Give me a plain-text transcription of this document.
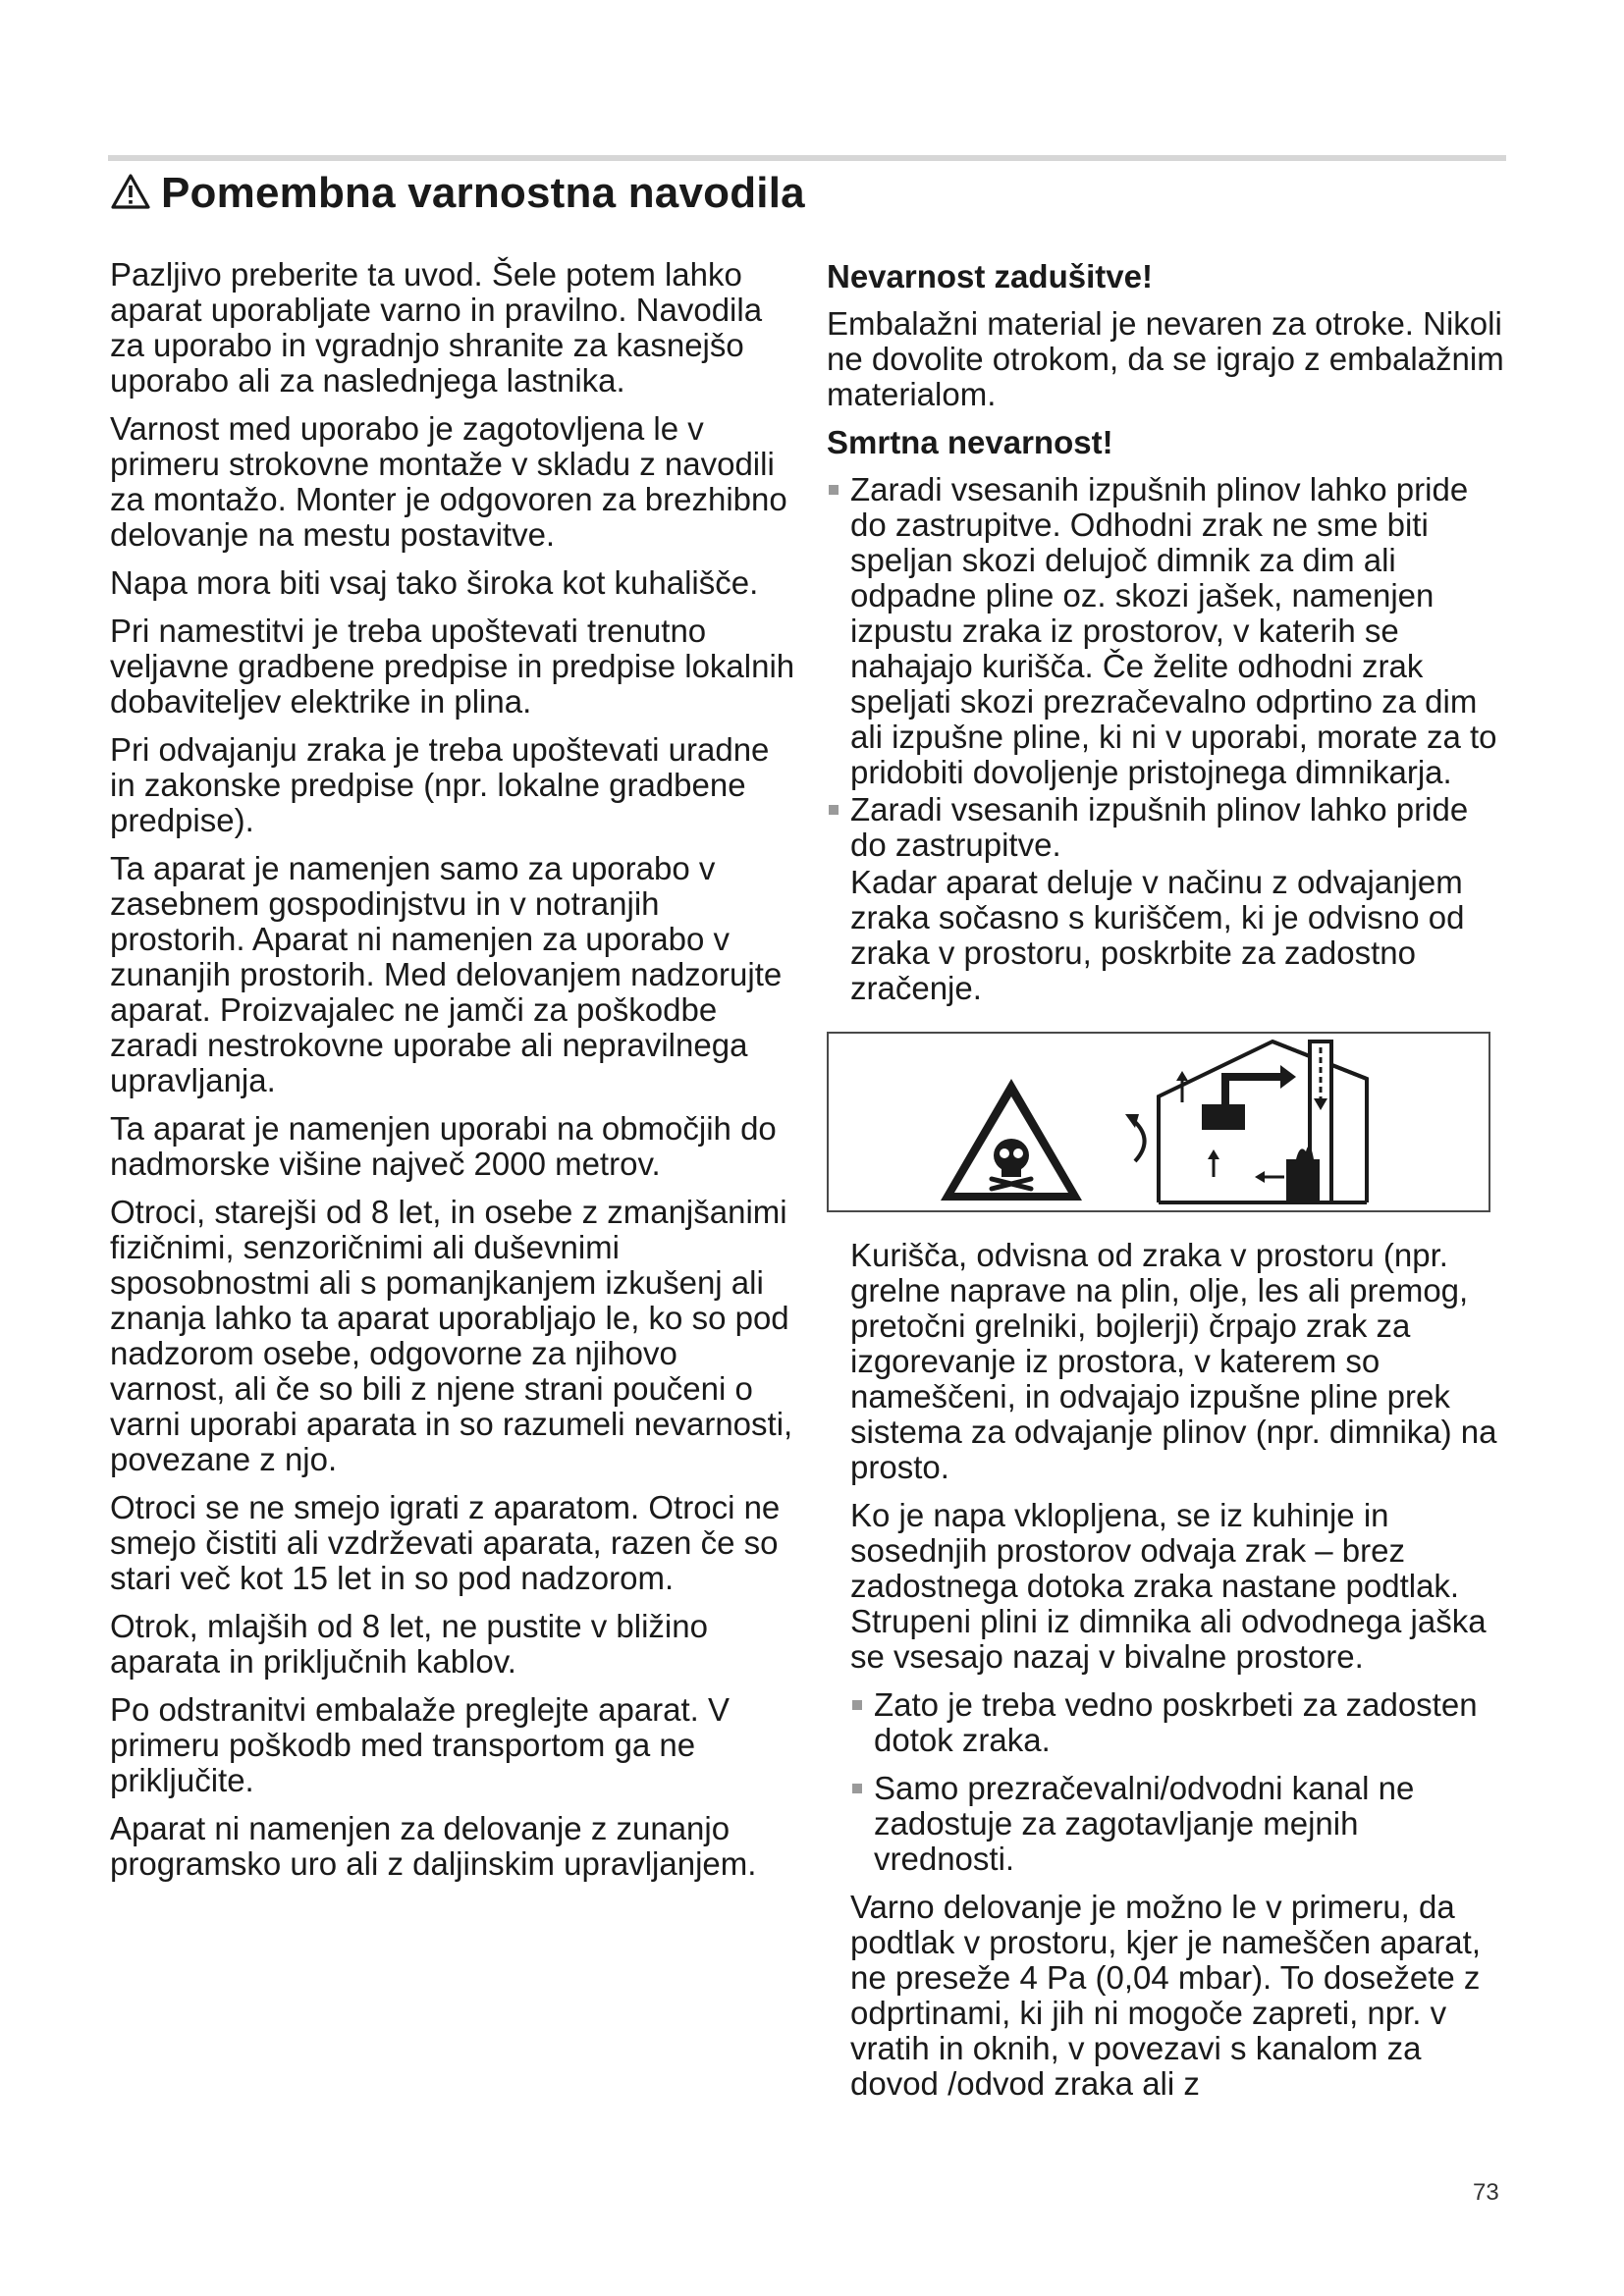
Pomembna varnostna navodila

Pazljivo preberite ta uvod. Šele potem lahko aparat uporabljate varno in pravilno. Navodila za uporabo in vgradnjo shranite za kasnejšo uporabo ali za naslednjega lastnika.

Varnost med uporabo je zagotovljena le v primeru strokovne montaže v skladu z navodili za montažo. Monter je odgovoren za brezhibno delovanje na mestu postavitve.

Napa mora biti vsaj tako široka kot kuhališče.

Pri namestitvi je treba upoštevati trenutno veljavne gradbene predpise in predpise lokalnih dobaviteljev elektrike in plina.

Pri odvajanju zraka je treba upoštevati uradne in zakonske predpise (npr. lokalne gradbene predpise).

Ta aparat je namenjen samo za uporabo v zasebnem gospodinjstvu in v notranjih prostorih. Aparat ni namenjen za uporabo v zunanjih prostorih. Med delovanjem nadzorujte aparat. Proizvajalec ne jamči za poškodbe zaradi nestrokovne uporabe ali nepravilnega upravljanja.

Ta aparat je namenjen uporabi na območjih do nadmorske višine največ 2000 metrov.

Otroci, starejši od 8 let, in osebe z zmanjšanimi fizičnimi, senzoričnimi ali duševnimi sposobnostmi ali s pomanjkanjem izkušenj ali znanja lahko ta aparat uporabljajo le, ko so pod nadzorom osebe, odgovorne za njihovo varnost, ali če so bili z njene strani poučeni o varni uporabi aparata in so razumeli nevarnosti, povezane z njo.

Otroci se ne smejo igrati z aparatom. Otroci ne smejo čistiti ali vzdrževati aparata, razen če so stari več kot 15 let in so pod nadzorom.

Otrok, mlajših od 8 let, ne pustite v bližino aparata in priključnih kablov.

Po odstranitvi embalaže preglejte aparat. V primeru poškodb med transportom ga ne priključite.

Aparat ni namenjen za delovanje z zunanjo programsko uro ali z daljinskim upravljanjem.

Nevarnost zadušitve!

Embalažni material je nevaren za otroke. Nikoli ne dovolite otrokom, da se igrajo z embalažnim materialom.

Smrtna nevarnost!

Zaradi vsesanih izpušnih plinov lahko pride do zastrupitve. Odhodni zrak ne sme biti speljan skozi delujoč dimnik za dim ali odpadne pline oz. skozi jašek, namenjen izpustu zraka iz prostorov, v katerih se nahajajo kurišča. Če želite odhodni zrak speljati skozi prezračevalno odprtino za dim ali izpušne pline, ki ni v uporabi, morate za to pridobiti dovoljenje pristojnega dimnikarja.

Zaradi vsesanih izpušnih plinov lahko pride do zastrupitve.

Kadar aparat deluje v načinu z odvajanjem zraka sočasno s kuriščem, ki je odvisno od zraka v prostoru, poskrbite za zadostno zračenje.

Kurišča, odvisna od zraka v prostoru (npr. grelne naprave na plin, olje, les ali premog, pretočni grelniki, bojlerji) črpajo zrak za izgorevanje iz prostora, v katerem so nameščeni, in odvajajo izpušne pline prek sistema za odvajanje plinov (npr. dimnika) na prosto.

Ko je napa vklopljena, se iz kuhinje in sosednjih prostorov odvaja zrak – brez zadostnega dotoka zraka nastane podtlak. Strupeni plini iz dimnika ali odvodnega jaška se vsesajo nazaj v bivalne prostore.

Zato je treba vedno poskrbeti za zadosten dotok zraka.
Samo prezračevalni/odvodni kanal ne zadostuje za zagotavljanje mejnih vrednosti.

Varno delovanje je možno le v primeru, da podtlak v prostoru, kjer je nameščen aparat, ne preseže 4 Pa (0,04 mbar). To dosežete z odprtinami, ki jih ni mogoče zapreti, npr. v vratih in oknih, v povezavi s kanalom za dovod /odvod zraka ali z

73
